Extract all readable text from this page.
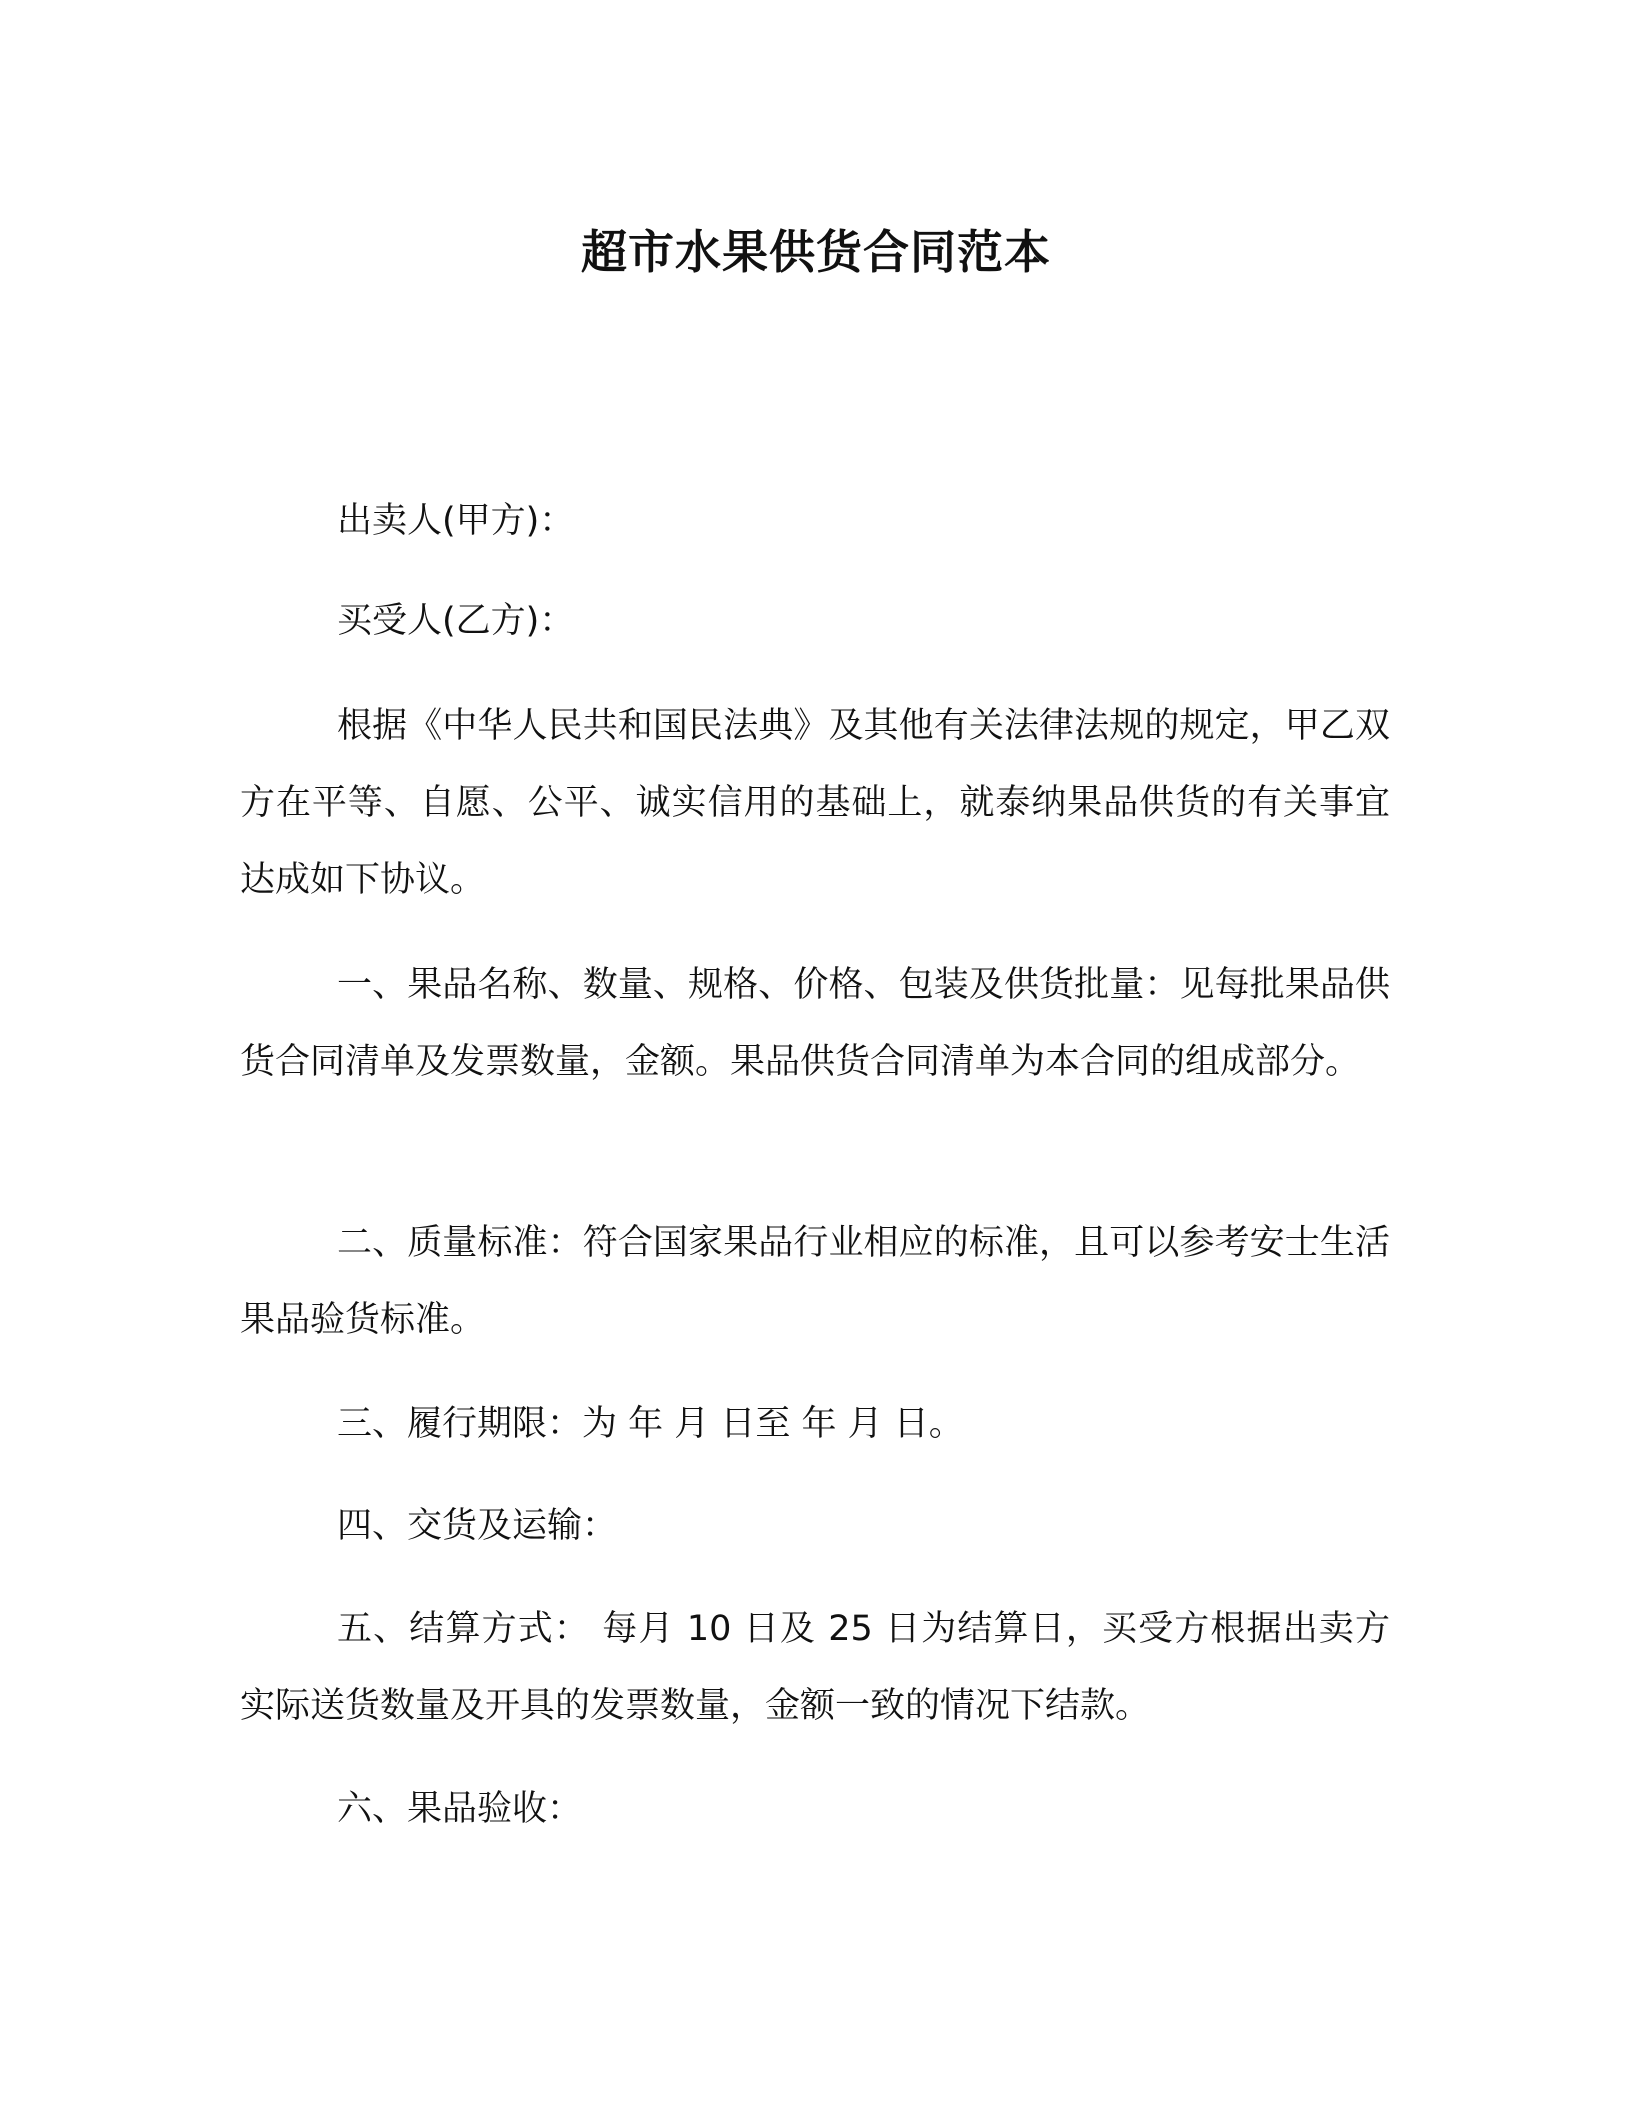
超市水果供货合同范本

出卖人(甲方)：

买受人(乙方)：

根据《中华人民共和国民法典》及其他有关法律法规的规定，甲乙双方在平等、自愿、公平、诚实信用的基础上，就泰纳果品供货的有关事宜达成如下协议。

一、果品名称、数量、规格、价格、包装及供货批量：见每批果品供货合同清单及发票数量，金额。果品供货合同清单为本合同的组成部分。

二、质量标准：符合国家果品行业相应的标准，且可以参考安士生活果品验货标准。

三、履行期限：为 年 月 日至 年 月 日。

四、交货及运输：

五、结算方式： 每月 10 日及 25 日为结算日，买受方根据出卖方实际送货数量及开具的发票数量，金额一致的情况下结款。

六、果品验收：
